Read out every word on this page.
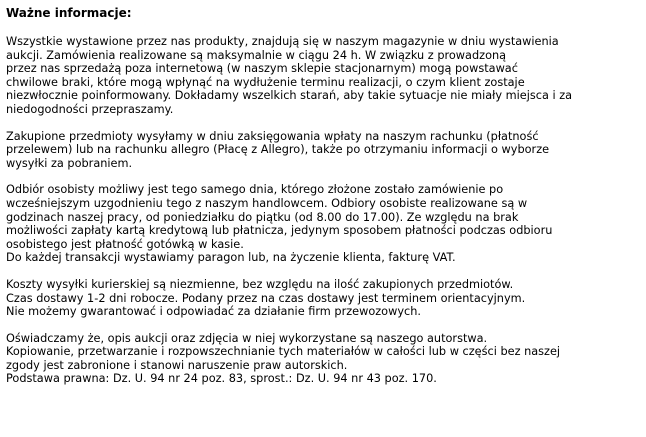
Ważne informacje:
Wszystkie wystawione przez nas produkty, znajdują się w naszym magazynie w dniu wystawienia
aukcji. Zamówienia realizowane są maksymalnie w ciągu 24 h. W związku z prowadzoną
przez nas sprzedażą poza internetową (w naszym sklepie stacjonarnym) mogą powstawać
chwilowe braki, które mogą wpłynąć na wydłużenie terminu realizacji, o czym klient zostaje
niezwłocznie poinformowany. Dokładamy wszelkich starań, aby takie sytuacje nie miały miejsca i za
niedogodności przepraszamy.
Zakupione przedmioty wysyłamy w dniu zaksięgowania wpłaty na naszym rachunku (płatność
przelewem) lub na rachunku allegro (Płacę z Allegro), także po otrzymaniu informacji o wyborze
wysyłki za pobraniem.
Odbiór osobisty możliwy jest tego samego dnia, którego złożone zostało zamówienie po
wcześniejszym uzgodnieniu tego z naszym handlowcem. Odbiory osobiste realizowane są w
godzinach naszej pracy, od poniedziałku do piątku (od 8.00 do 17.00). Ze względu na brak
możliwości zapłaty kartą kredytową lub płatnicza, jedynym sposobem płatności podczas odbioru
osobistego jest płatność gotówką w kasie.
Do każdej transakcji wystawiamy paragon lub, na życzenie klienta, fakturę VAT.
Koszty wysyłki kurierskiej są niezmienne, bez względu na ilość zakupionych przedmiotów.
Czas dostawy 1-2 dni robocze. Podany przez na czas dostawy jest terminem orientacyjnym.
Nie możemy gwarantować i odpowiadać za działanie firm przewozowych.
Oświadczamy że, opis aukcji oraz zdjęcia w niej wykorzystane są naszego autorstwa.
Kopiowanie, przetwarzanie i rozpowszechnianie tych materiałów w całości lub w części bez naszej
zgody jest zabronione i stanowi naruszenie praw autorskich.
Podstawa prawna: Dz. U. 94 nr 24 poz. 83, sprost.: Dz. U. 94 nr 43 poz. 170.
